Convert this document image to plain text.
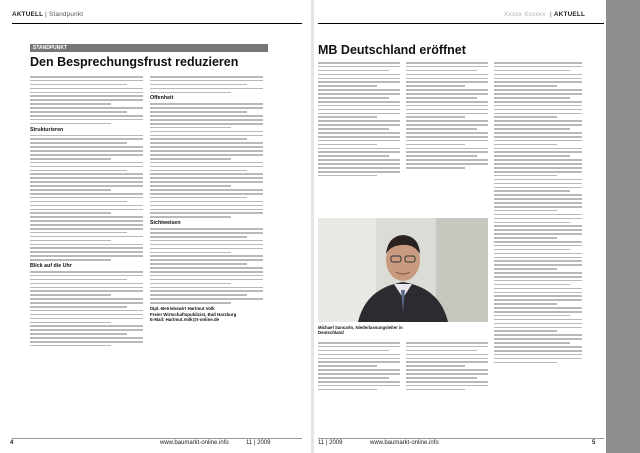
AKTUELL | Standpunkt
STANDPUNKT
Den Besprechungsfrust reduzieren
Strukturieren
Blick auf die Uhr
Offenheit
Sichtweisen
Dipl.-Betriebswirt Hartmut Volk
Freier Wirtschaftspublizist, Bad Harzburg
E-Mail: Hartmut.Volk@t-online.de
4	www.baumarkt-online.info	11 | 2009
Xxxxx Xxxxxx | AKTUELL
MB Deutschland eröffnet
Michael Sancarlo, Niederlassungsleiter in
Deutschland
11 | 2009	www.baumarkt-online.info	5
